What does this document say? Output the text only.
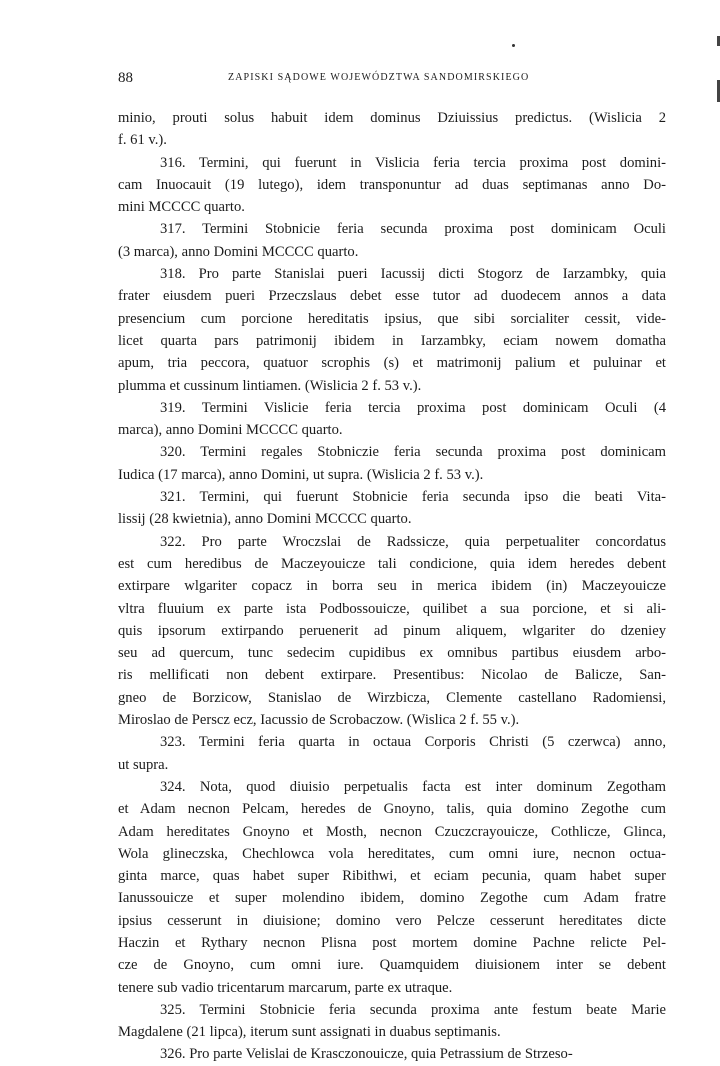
88	ZAPISKI SĄDOWE WOJEWÓDZTWA SANDOMIRSKIEGO
minio, prouti solus habuit idem dominus Dziuissius predictus. (Wislicia 2
f. 61 v.).
316. Termini, qui fuerunt in Vislicia feria tercia proxima post domini-
cam Inuocauit (19 lutego), idem transponuntur ad duas septimanas anno Do-
mini MCCCC quarto.
317. Termini Stobnicie feria secunda proxima post dominicam Oculi
(3 marca), anno Domini MCCCC quarto.
318. Pro parte Stanislai pueri Iacussij dicti Stogorz de Iarzambky, quia
frater eiusdem pueri Przeczslaus debet esse tutor ad duodecem annos a data
presencium cum porcione hereditatis ipsius, que sibi sorcialiter cessit, vide-
licet quarta pars patrimonij ibidem in Iarzambky, eciam nowem domatha
apum, tria peccora, quatuor scrophis (s) et matrimonij palium et puluinar et
plumma et cussinum lintiamen. (Wislicia 2 f. 53 v.).
319. Termini Vislicie feria tercia proxima post dominicam Oculi (4
marca), anno Domini MCCCC quarto.
320. Termini regales Stobniczie feria secunda proxima post dominicam
Iudica (17 marca), anno Domini, ut supra. (Wislicia 2 f. 53 v.).
321. Termini, qui fuerunt Stobnicie feria secunda ipso die beati Vita-
lissij (28 kwietnia), anno Domini MCCCC quarto.
322. Pro parte Wroczslai de Radssicze, quia perpetualiter concordatus
est cum heredibus de Maczeyouicze tali condicione, quia idem heredes debent
extirpare wlgariter copacz in borra seu in merica ibidem (in) Maczeyouicze
vltra fluuium ex parte ista Podbossouicze, quilibet a sua porcione, et si ali-
quis ipsorum extirpando peruenerit ad pinum aliquem, wlgariter do dzeniey
seu ad quercum, tunc sedecim cupidibus ex omnibus partibus eiusdem arbo-
ris mellificati non debent extirpare. Presentibus: Nicolao de Balicze, San-
gneo de Borzicow, Stanislao de Wirzbicza, Clemente castellano Radomiensi,
Miroslao de Perscz ecz, Iacussio de Scrobaczow. (Wislica 2 f. 55 v.).
323. Termini feria quarta in octaua Corporis Christi (5 czerwca) anno,
ut supra.
324. Nota, quod diuisio perpetualis facta est inter dominum Zegotham
et Adam necnon Pelcam, heredes de Gnoyno, talis, quia domino Zegothe cum
Adam hereditates Gnoyno et Mosth, necnon Czuczcrayouicze, Cothlicze, Glinca,
Wola glineczska, Chechlowca vola hereditates, cum omni iure, necnon octua-
ginta marce, quas habet super Ribithwi, et eciam pecunia, quam habet super
Ianussouicze et super molendino ibidem, domino Zegothe cum Adam fratre
ipsius cesserunt in diuisione; domino vero Pelcze cesserunt hereditates dicte
Haczin et Rythary necnon Plisna post mortem domine Pachne relicte Pel-
cze de Gnoyno, cum omni iure. Quamquidem diuisionem inter se debent
tenere sub vadio tricentarum marcarum, parte ex utraque.
325. Termini Stobnicie feria secunda proxima ante festum beate Marie
Magdalene (21 lipca), iterum sunt assignati in duabus septimanis.
326. Pro parte Velislai de Krasczonouicze, quia Petrassium de Strzeso-
